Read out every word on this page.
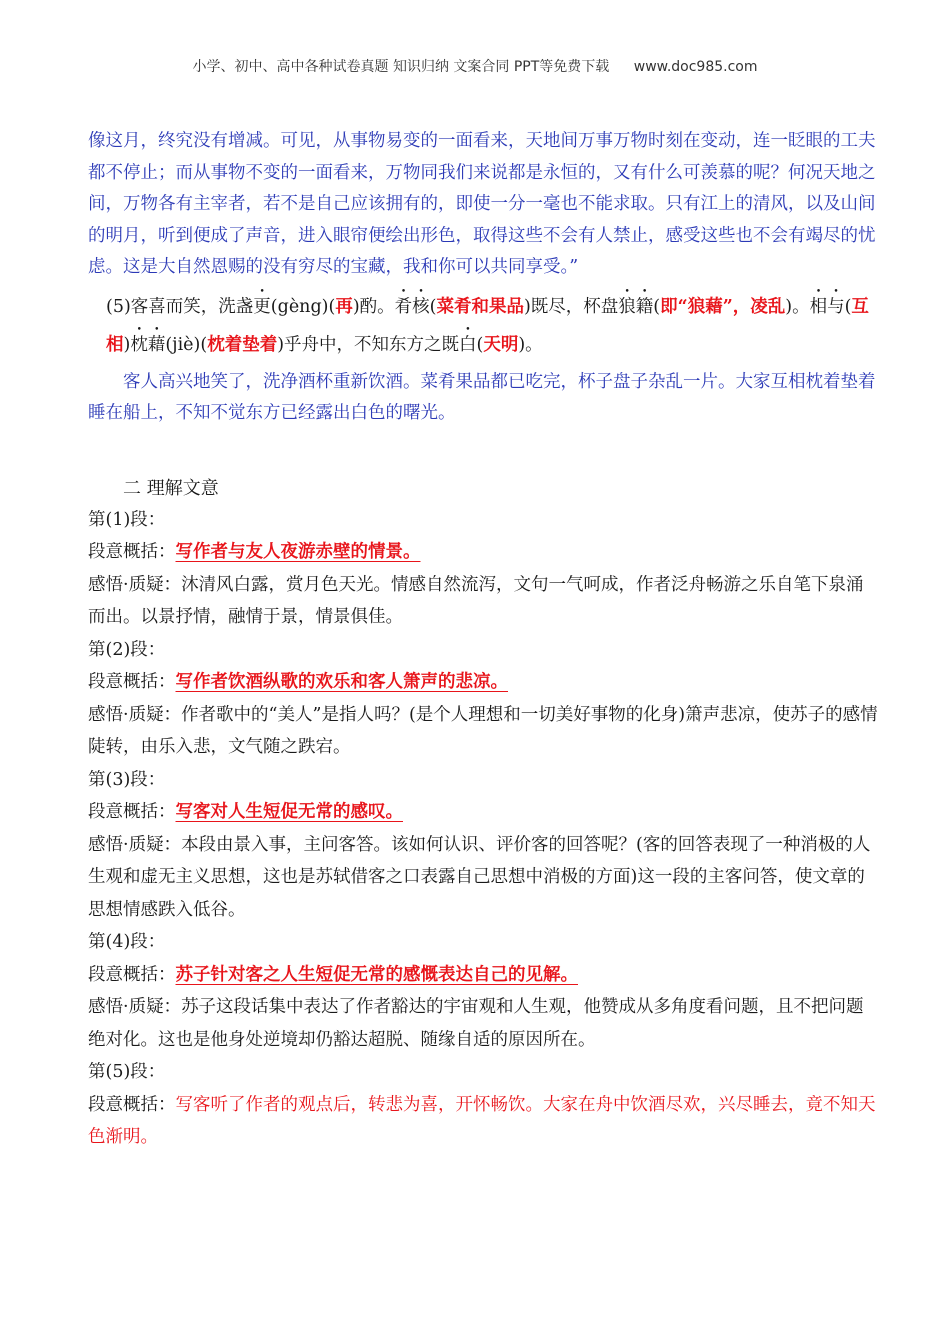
小学、初中、高中各种试卷真题 知识归纳 文案合同 PPT等免费下载 www.doc985.com
像这月，终究没有增减。可见，从事物易变的一面看来，天地间万事万物时刻在变动，连一眨眼的工夫都不停止；而从事物不变的一面看来，万物同我们来说都是永恒的，又有什么可羡慕的呢？何况天地之间，万物各有主宰者，若不是自己应该拥有的，即使一分一毫也不能求取。只有江上的清风，以及山间的明月，听到便成了声音，进入眼帘便绘出形色，取得这些不会有人禁止，感受这些也不会有竭尽的忧虑。这是大自然恩赐的没有穷尽的宝藏，我和你可以共同享受。”
(5)客喜而笑，洗盏更(gèng)(再)酌。肴核(菜肴和果品)既尽，杯盘狼籍(即“狼藉”，凌乱)。相与(互相)枕藉(jiè)(枕着垫着)乎舟中，不知东方之既白(天明)。
客人高兴地笑了，洗净酒杯重新饮酒。菜肴果品都已吃完，杯子盘子杂乱一片。大家互相枕着垫着睡在船上，不知不觉东方已经露出白色的曙光。
二 理解文意
第(1)段：
段意概括：写作者与友人夜游赤壁的情景。
感悟·质疑：沐清风白露，赏月色天光。情感自然流泻，文句一气呵成，作者泛舟畅游之乐自笔下泉涌而出。以景抒情，融情于景，情景俱佳。
第(2)段：
段意概括：写作者饮酒纵歌的欢乐和客人箫声的悲凉。
感悟·质疑：作者歌中的“美人”是指人吗？(是个人理想和一切美好事物的化身)箫声悲凉，使苏子的感情陡转，由乐入悲，文气随之跌宕。
第(3)段：
段意概括：写客对人生短促无常的感叹。
感悟·质疑：本段由景入事，主问客答。该如何认识、评价客的回答呢？(客的回答表现了一种消极的人生观和虚无主义思想，这也是苏轼借客之口表露自己思想中消极的方面)这一段的主客问答，使文章的思想情感跌入低谷。
第(4)段：
段意概括：苏子针对客之人生短促无常的感慨表达自己的见解。
感悟·质疑：苏子这段话集中表达了作者豁达的宇宙观和人生观，他赞成从多角度看问题，且不把问题绝对化。这也是他身处逆境却仍豁达超脱、随缘自适的原因所在。
第(5)段：
段意概括：写客听了作者的观点后，转悲为喜，开怀畅饮。大家在舟中饮酒尽欢，兴尽睡去，竟不知天色渐明。
